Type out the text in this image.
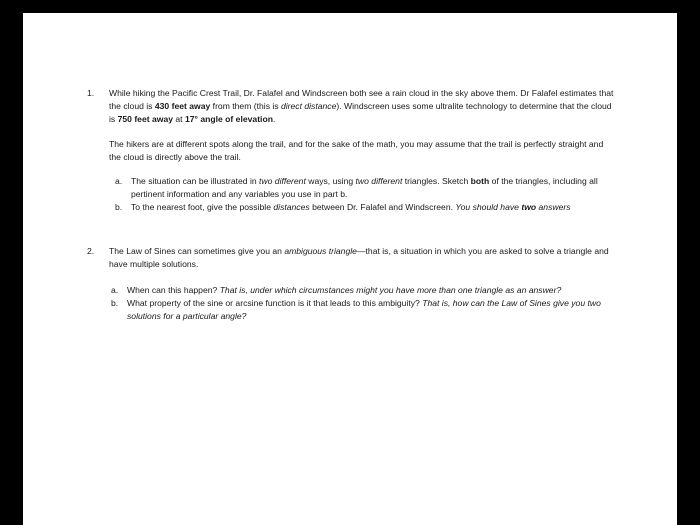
1.	While hiking the Pacific Crest Trail, Dr. Falafel and Windscreen both see a rain cloud in the sky above them. Dr Falafel estimates that the cloud is 430 feet away from them (this is direct distance). Windscreen uses some ultralite technology to determine that the cloud is 750 feet away at 17° angle of elevation.

The hikers are at different spots along the trail, and for the sake of the math, you may assume that the trail is perfectly straight and the cloud is directly above the trail.

a.	The situation can be illustrated in two different ways, using two different triangles. Sketch both of the triangles, including all pertinent information and any variables you use in part b.
b.	To the nearest foot, give the possible distances between Dr. Falafel and Windscreen. You should have two answers
2.	The Law of Sines can sometimes give you an ambiguous triangle—that is, a situation in which you are asked to solve a triangle and have multiple solutions.

a.	When can this happen? That is, under which circumstances might you have more than one triangle as an answer?
b.	What property of the sine or arcsine function is it that leads to this ambiguity? That is, how can the Law of Sines give you two solutions for a particular angle?
